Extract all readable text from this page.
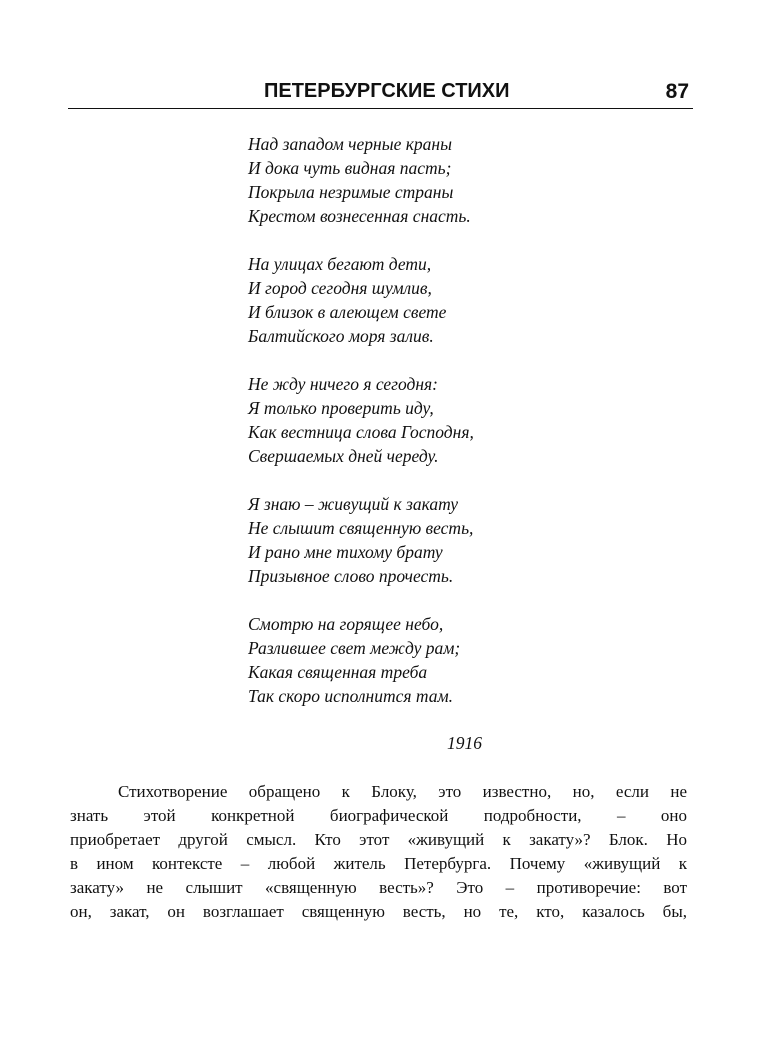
ПЕТЕРБУРГСКИЕ СТИХИ	87
Над западом черные краны
И дока чуть видная пасть;
Покрыла незримые страны
Крестом вознесенная снасть.
На улицах бегают дети,
И город сегодня шумлив,
И близок в алеющем свете
Балтийского моря залив.
Не жду ничего я сегодня:
Я только проверить иду,
Как вестница слова Господня,
Свершаемых дней череду.
Я знаю – живущий к закату
Не слышит священную весть,
И рано мне тихому брату
Призывное слово прочесть.
Смотрю на горящее небо,
Разлившее свет между рам;
Какая священная треба
Так скоро исполнится там.
1916
Стихотворение обращено к Блоку, это известно, но, если не
знать этой конкретной биографической подробности, – оно
приобретает другой смысл. Кто этот «живущий к закату»? Блок. Но
в ином контексте – любой житель Петербурга. Почему «живущий к
закату» не слышит «священную весть»? Это – противоречие: вот
он, закат, он возглашает священную весть, но те, кто, казалось бы,
